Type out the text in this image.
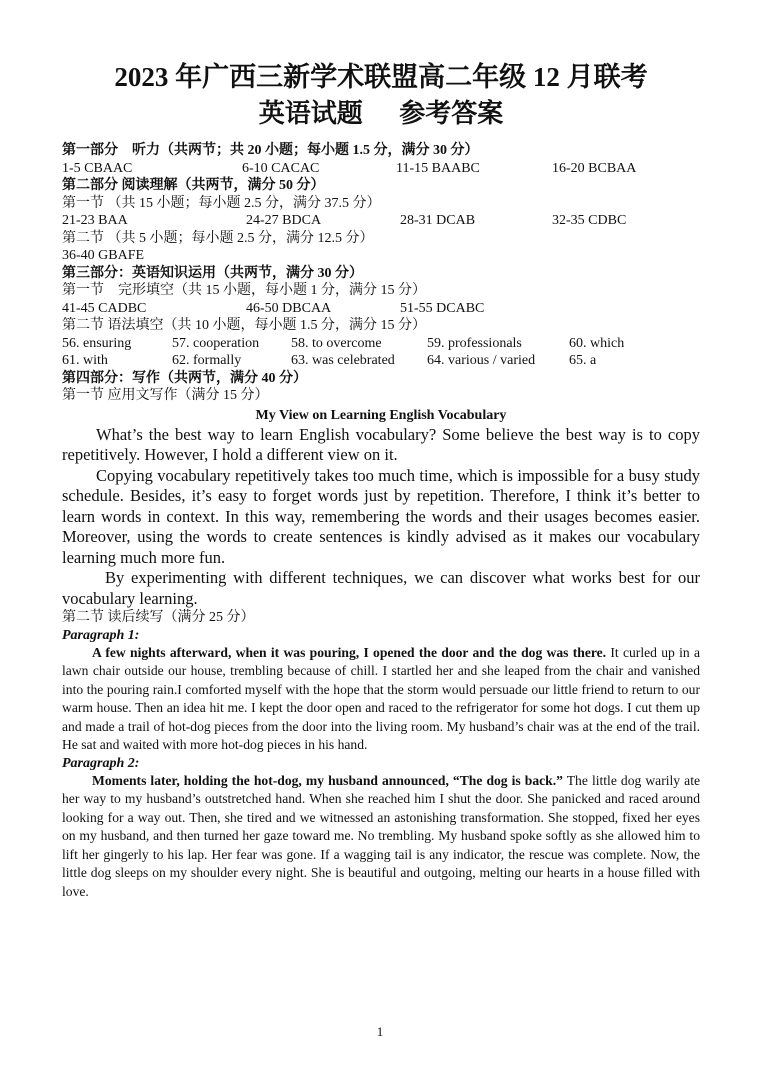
2023 年广西三新学术联盟高二年级 12 月联考
英语试题 参考答案
第一部分　听力（共两节；共 20 小题；每小题 1.5 分，满分 30 分）
1-5 CBAAC	6-10 CACAC	11-15 BAABC	16-20 BCBAA
第二部分 阅读理解（共两节，满分 50 分）
第一节 （共 15 小题；每小题 2.5 分，满分 37.5 分）
21-23 BAA	24-27 BDCA	28-31 DCAB	32-35 CDBC
第二节 （共 5 小题；每小题 2.5 分，满分 12.5 分）
36-40 GBAFE
第三部分：英语知识运用（共两节，满分 30 分）
第一节　完形填空（共 15 小题，每小题 1 分，满分 15 分）
41-45 CADBC	46-50 DBCAA	51-55 DCABC
第二节 语法填空（共 10 小题，每小题 1.5 分，满分 15 分）
56. ensuring	57. cooperation 58. to overcome	59. professionals	60. which
61. with	62. formally	63. was celebrated 64. various / varied 65. a
第四部分：写作（共两节，满分 40 分）
第一节 应用文写作（满分 15 分）
My View on Learning English Vocabulary

What’s the best way to learn English vocabulary? Some believe the best way is to copy repetitively. However, I hold a different view on it.

Copying vocabulary repetitively takes too much time, which is impossible for a busy study schedule. Besides, it’s easy to forget words just by repetition. Therefore, I think it’s better to learn words in context. In this way, remembering the words and their usages becomes easier. Moreover, using the words to create sentences is kindly advised as it makes our vocabulary learning much more fun.

By experimenting with different techniques, we can discover what works best for our vocabulary learning.

第二节 读后续写（满分 25 分）
Paragraph 1:

A few nights afterward, when it was pouring, I opened the door and the dog was there. It curled up in a lawn chair outside our house, trembling because of chill. I startled her and she leaped from the chair and vanished into the pouring rain.I comforted myself with the hope that the storm would persuade our little friend to return to our warm house. Then an idea hit me. I kept the door open and raced to the refrigerator for some hot dogs. I cut them up and made a trail of hot-dog pieces from the door into the living room. My husband’s chair was at the end of the trail. He sat and waited with more hot-dog pieces in his hand.

Paragraph 2:

Moments later, holding the hot-dog, my husband announced, “The dog is back.” The little dog warily ate her way to my husband’s outstretched hand. When she reached him I shut the door. She panicked and raced around looking for a way out. Then, she tired and we witnessed an astonishing transformation. She stopped, fixed her eyes on my husband, and then turned her gaze toward me. No trembling. My husband spoke softly as she allowed him to lift her gingerly to his lap. Her fear was gone. If a wagging tail is any indicator, the rescue was complete. Now, the little dog sleeps on my shoulder every night. She is beautiful and outgoing, melting our hearts in a house filled with love.

1
